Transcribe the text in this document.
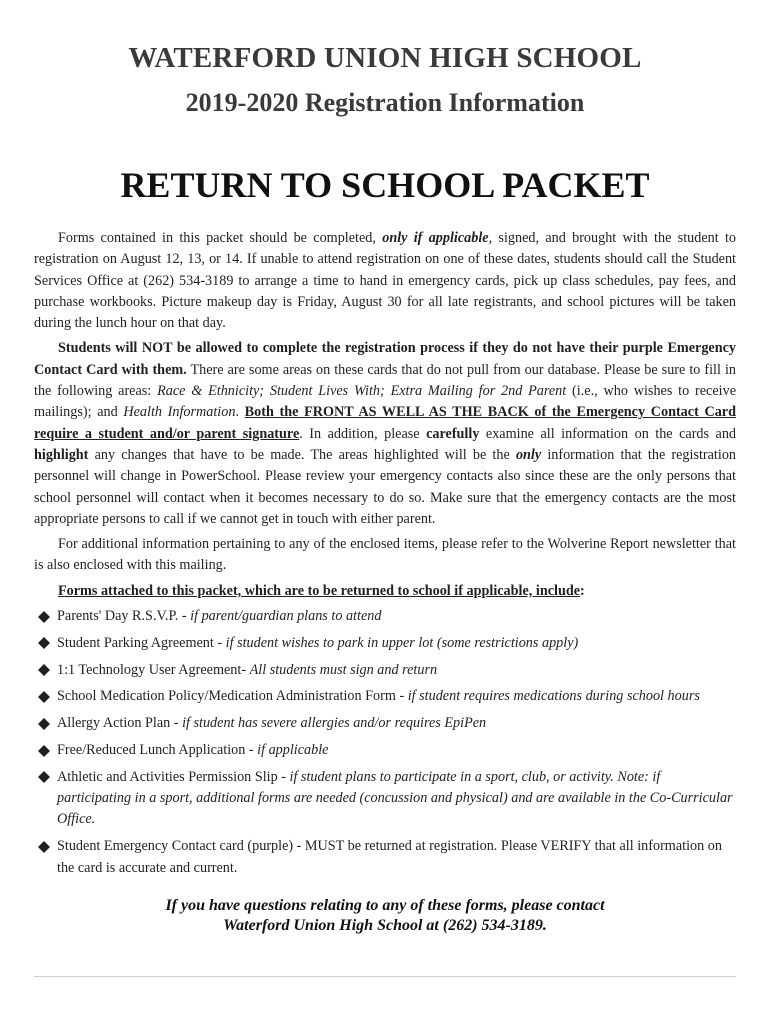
WATERFORD UNION HIGH SCHOOL
2019-2020 Registration Information
RETURN TO SCHOOL PACKET

Forms contained in this packet should be completed, only if applicable, signed, and brought with the student to registration on August 12, 13, or 14. If unable to attend registration on one of these dates, students should call the Student Services Office at (262) 534-3189 to arrange a time to hand in emergency cards, pick up class schedules, pay fees, and purchase workbooks. Picture makeup day is Friday, August 30 for all late registrants, and school pictures will be taken during the lunch hour on that day.

Students will NOT be allowed to complete the registration process if they do not have their purple Emergency Contact Card with them. There are some areas on these cards that do not pull from our database. Please be sure to fill in the following areas: Race & Ethnicity; Student Lives With; Extra Mailing for 2nd Parent (i.e., who wishes to receive mailings); and Health Information. Both the FRONT AS WELL AS THE BACK of the Emergency Contact Card require a student and/or parent signature. In addition, please carefully examine all information on the cards and highlight any changes that have to be made. The areas highlighted will be the only information that the registration personnel will change in PowerSchool. Please review your emergency contacts also since these are the only persons that school personnel will contact when it becomes necessary to do so. Make sure that the emergency contacts are the most appropriate persons to call if we cannot get in touch with either parent.

For additional information pertaining to any of the enclosed items, please refer to the Wolverine Report newsletter that is also enclosed with this mailing.

Forms attached to this packet, which are to be returned to school if applicable, include:

Parents' Day R.S.V.P. - if parent/guardian plans to attend
Student Parking Agreement - if student wishes to park in upper lot (some restrictions apply)
1:1 Technology User Agreement- All students must sign and return
School Medication Policy/Medication Administration Form - if student requires medications during school hours
Allergy Action Plan - if student has severe allergies and/or requires EpiPen
Free/Reduced Lunch Application - if applicable
Athletic and Activities Permission Slip - if student plans to participate in a sport, club, or activity. Note: if participating in a sport, additional forms are needed (concussion and physical) and are available in the Co-Curricular Office.
Student Emergency Contact card (purple) - MUST be returned at registration. Please VERIFY that all information on the card is accurate and current.
If you have questions relating to any of these forms, please contact
Waterford Union High School at (262) 534-3189.
